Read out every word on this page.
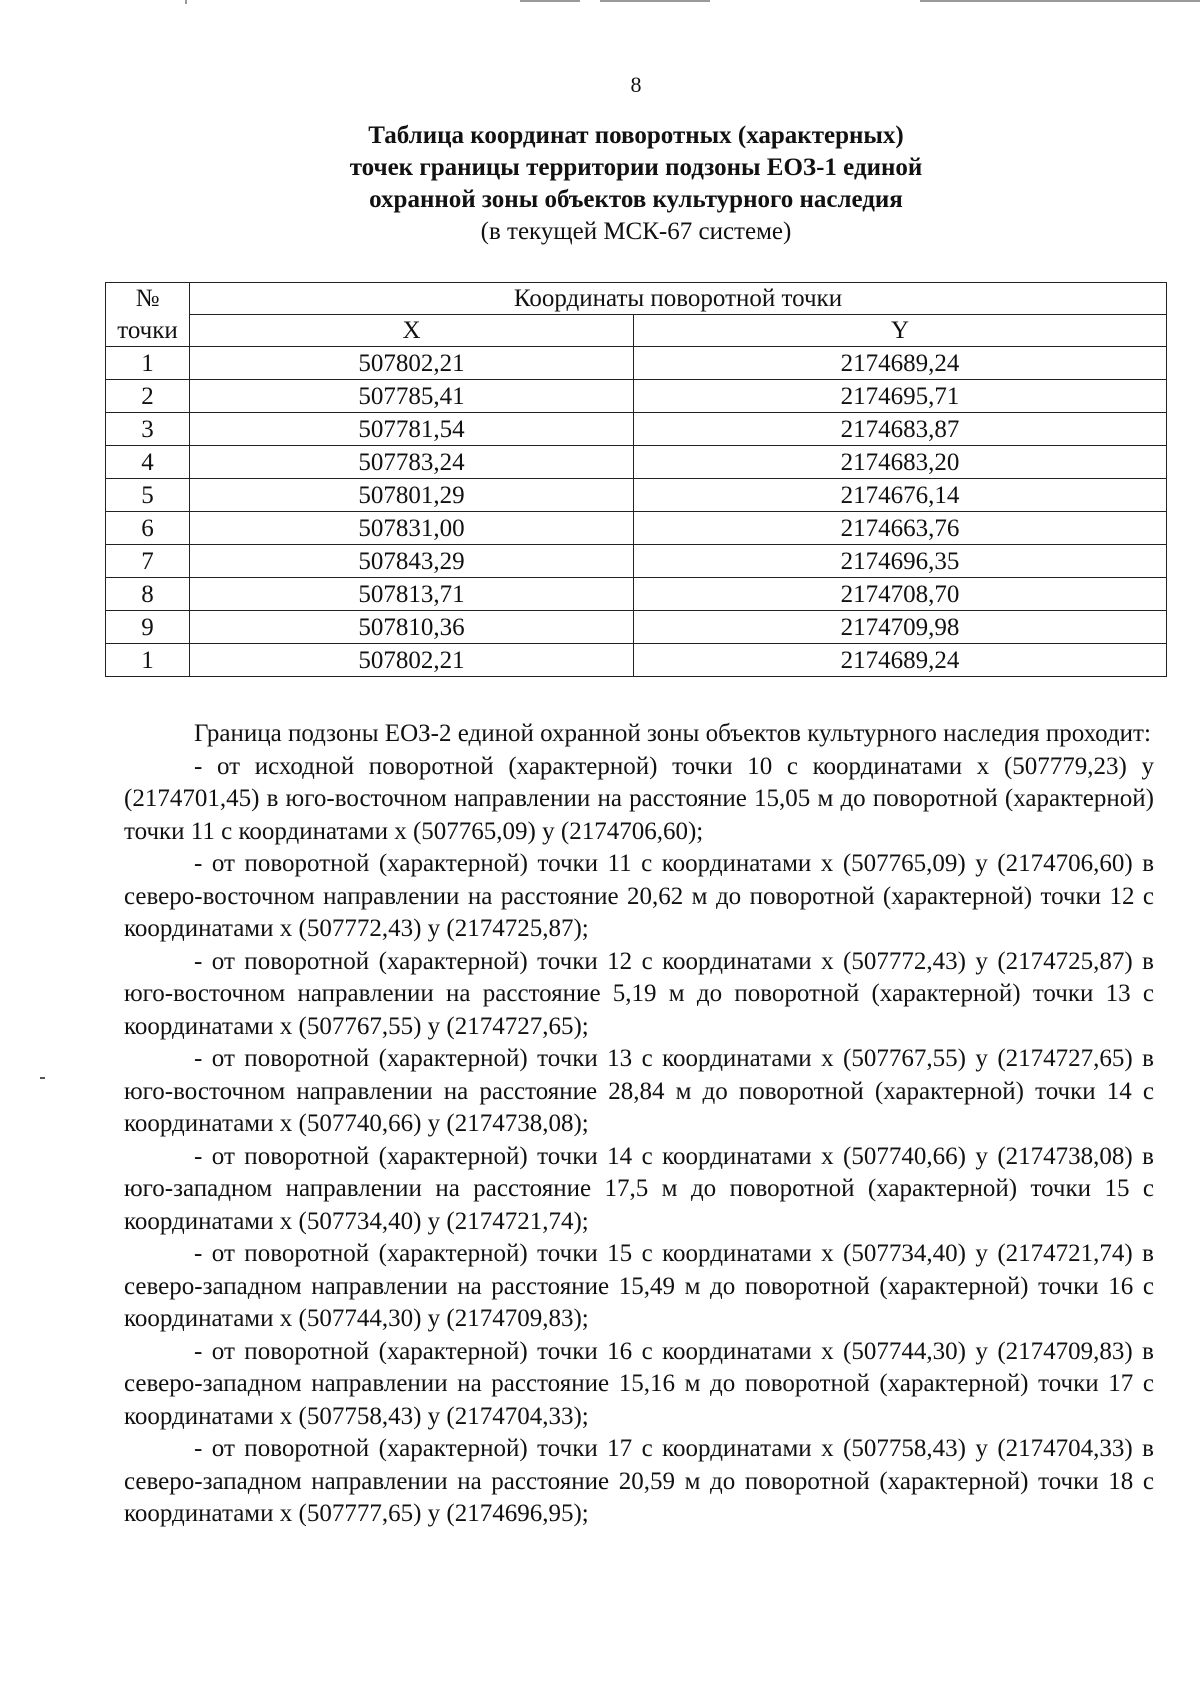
8
Таблица координат поворотных (характерных)
точек границы территории подзоны ЕОЗ-1 единой
охранной зоны объектов культурного наследия
(в текущей МСК-67 системе)
№	Координаты поворотной точки	
точки	X	Y
1	507802,21	2174689,24
2	507785,41	2174695,71
3	507781,54	2174683,87
4	507783,24	2174683,20
5	507801,29	2174676,14
6	507831,00	2174663,76
7	507843,29	2174696,35
8	507813,71	2174708,70
9	507810,36	2174709,98
1	507802,21	2174689,24

Граница подзоны ЕОЗ-2 единой охранной зоны объектов культурного наследия проходит:

- от исходной поворотной (характерной) точки 10 с координатами х (507779,23) у (2174701,45) в юго-восточном направлении на расстояние 15,05 м до поворотной (характерной) точки 11 с координатами х (507765,09) у (2174706,60);

- от поворотной (характерной) точки 11 с координатами х (507765,09) у (2174706,60) в северо-восточном направлении на расстояние 20,62 м до поворотной (характерной) точки 12 с координатами х (507772,43) у (2174725,87);

- от поворотной (характерной) точки 12 с координатами х (507772,43) у (2174725,87) в юго-восточном направлении на расстояние 5,19 м до поворотной (характерной) точки 13 с координатами х (507767,55) у (2174727,65);

- от поворотной (характерной) точки 13 с координатами х (507767,55) у (2174727,65) в юго-восточном направлении на расстояние 28,84 м до поворотной (характерной) точки 14 с координатами х (507740,66) у (2174738,08);

- от поворотной (характерной) точки 14 с координатами х (507740,66) у (2174738,08) в юго-западном направлении на расстояние 17,5 м до поворотной (характерной) точки 15 с координатами х (507734,40) у (2174721,74);

- от поворотной (характерной) точки 15 с координатами х (507734,40) у (2174721,74) в северо-западном направлении на расстояние 15,49 м до поворотной (характерной) точки 16 с координатами х (507744,30) у (2174709,83);

- от поворотной (характерной) точки 16 с координатами х (507744,30) у (2174709,83) в северо-западном направлении на расстояние 15,16 м до поворотной (характерной) точки 17 с координатами х (507758,43) у (2174704,33);

- от поворотной (характерной) точки 17 с координатами х (507758,43) у (2174704,33) в северо-западном направлении на расстояние 20,59 м до поворотной (характерной) точки 18 с координатами х (507777,65) у (2174696,95);
